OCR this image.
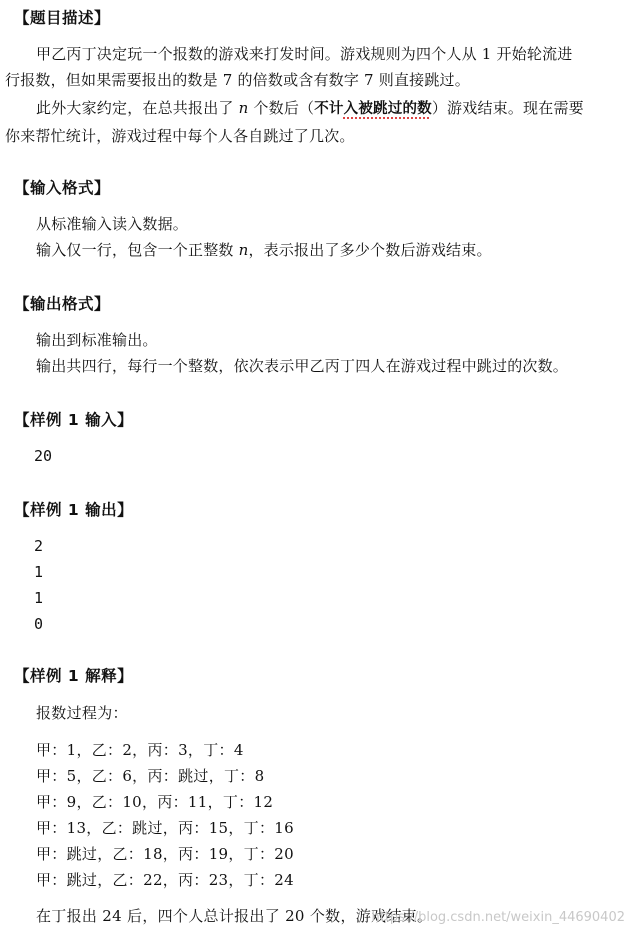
【题目描述】
甲乙丙丁决定玩一个报数的游戏来打发时间。游戏规则为四个人从 1 开始轮流进
行报数，但如果需要报出的数是 7 的倍数或含有数字 7 则直接跳过。
此外大家约定，在总共报出了 n 个数后（不计入被跳过的数）游戏结束。现在需要
你来帮忙统计，游戏过程中每个人各自跳过了几次。
【输入格式】
从标准输入读入数据。
输入仅一行，包含一个正整数 n，表示报出了多少个数后游戏结束。
【输出格式】
输出到标准输出。
输出共四行，每行一个整数，依次表示甲乙丙丁四人在游戏过程中跳过的次数。
【样例 1 输入】
20
【样例 1 输出】
2
1
1
0
【样例 1 解释】
报数过程为：
甲：1，乙：2，丙：3，丁：4
甲：5，乙：6，丙：跳过，丁：8
甲：9，乙：10，丙：11，丁：12
甲：13，乙：跳过，丙：15，丁：16
甲：跳过，乙：18，丙：19，丁：20
甲：跳过，乙：22，丙：23，丁：24
在丁报出 24 后，四个人总计报出了 20 个数，游戏结束。
https://blog.csdn.net/weixin_44690402
